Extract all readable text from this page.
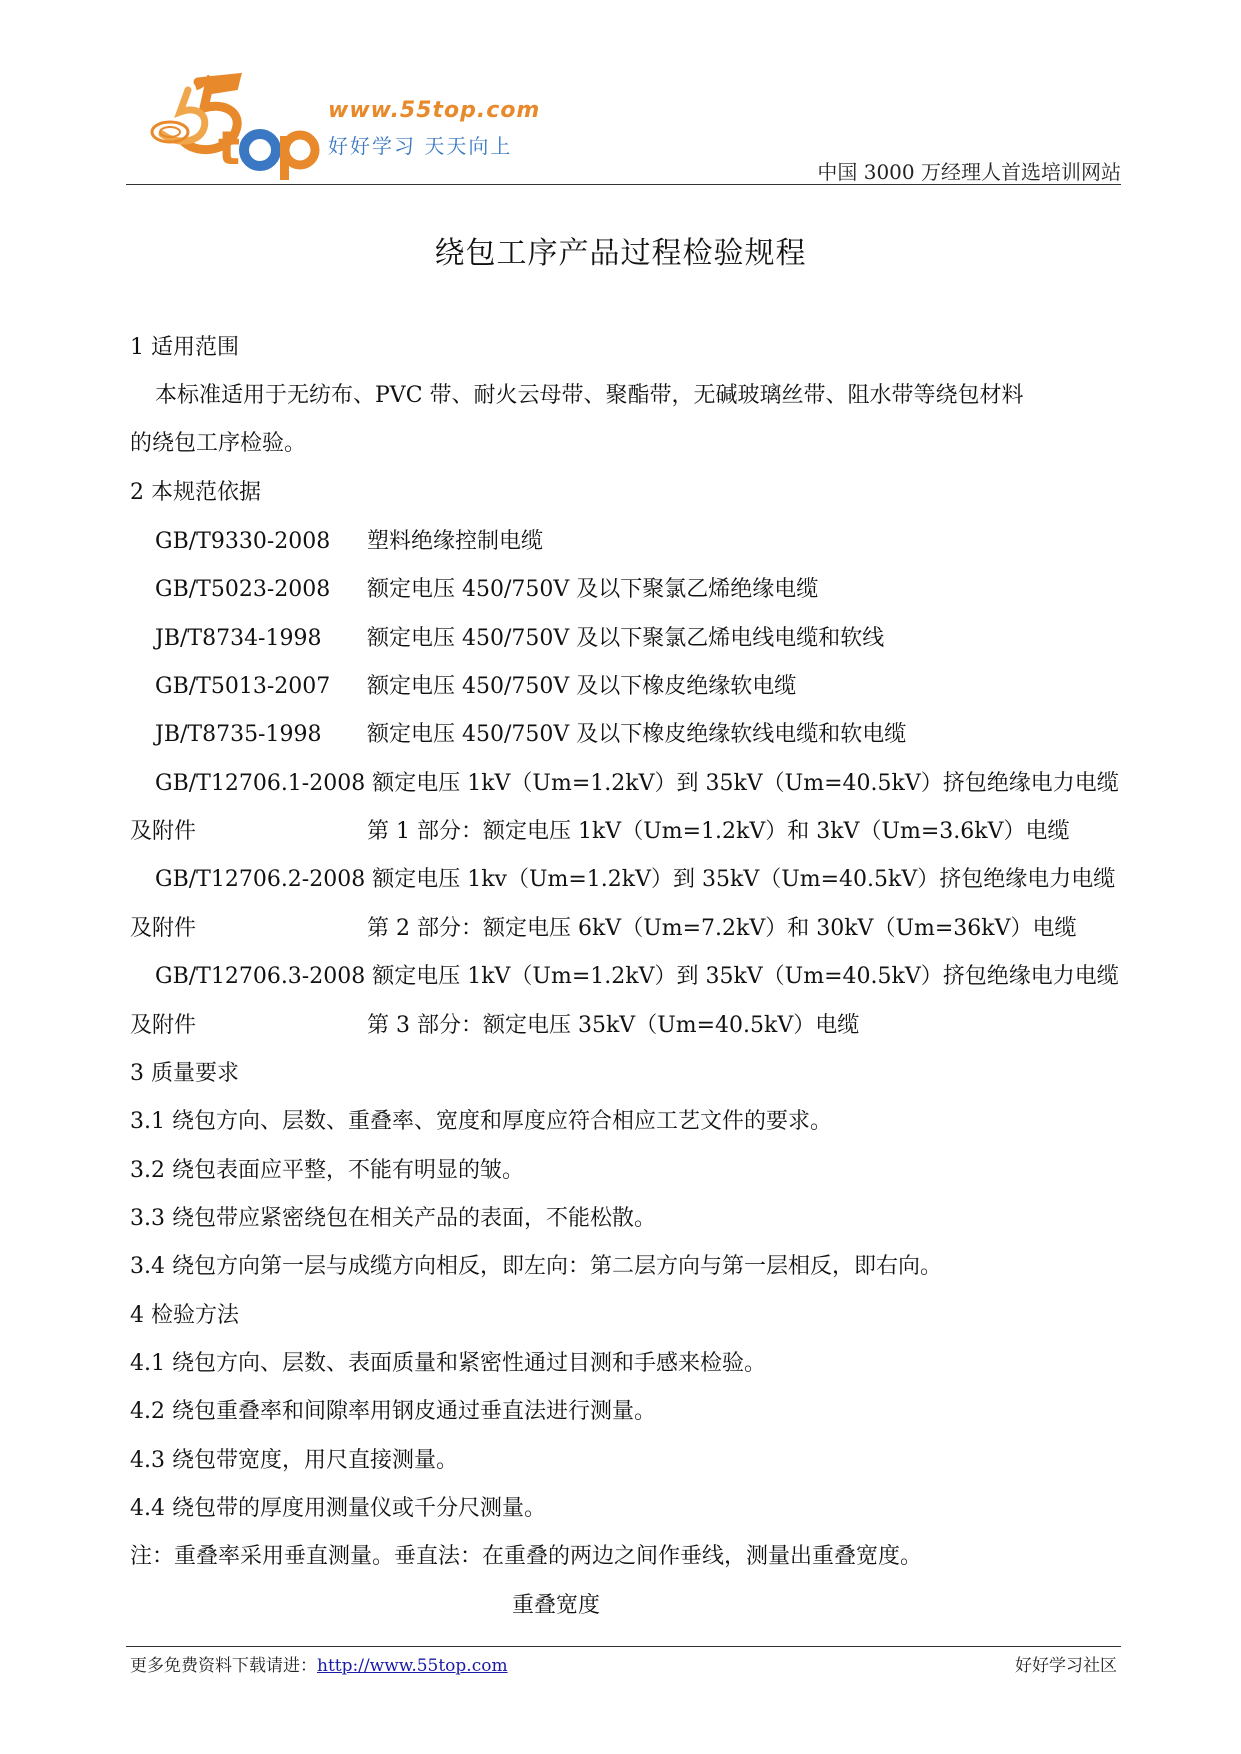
t
www.55top.com
好好学习 天天向上
中国 3000 万经理人首选培训网站
绕包工序产品过程检验规程
1 适用范围
本标准适用于无纺布、PVC 带、耐火云母带、聚酯带，无碱玻璃丝带、阻水带等绕包材料
的绕包工序检验。
2 本规范依据
GB/T9330-2008 塑料绝缘控制电缆
GB/T5023-2008 额定电压 450/750V 及以下聚氯乙烯绝缘电缆
JB/T8734-1998 额定电压 450/750V 及以下聚氯乙烯电线电缆和软线
GB/T5013-2007 额定电压 450/750V 及以下橡皮绝缘软电缆
JB/T8735-1998 额定电压 450/750V 及以下橡皮绝缘软线电缆和软电缆
GB/T12706.1-2008 额定电压 1kV（Um=1.2kV）到 35kV（Um=40.5kV）挤包绝缘电力电缆
及附件	第 1 部分：额定电压 1kV（Um=1.2kV）和 3kV（Um=3.6kV）电缆
GB/T12706.2-2008 额定电压 1kv（Um=1.2kV）到 35kV（Um=40.5kV）挤包绝缘电力电缆
及附件	第 2 部分：额定电压 6kV（Um=7.2kV）和 30kV（Um=36kV）电缆
GB/T12706.3-2008 额定电压 1kV（Um=1.2kV）到 35kV（Um=40.5kV）挤包绝缘电力电缆
及附件	第 3 部分：额定电压 35kV（Um=40.5kV）电缆
3 质量要求
3.1 绕包方向、层数、重叠率、宽度和厚度应符合相应工艺文件的要求。
3.2 绕包表面应平整，不能有明显的皱。
3.3 绕包带应紧密绕包在相关产品的表面，不能松散。
3.4 绕包方向第一层与成缆方向相反，即左向：第二层方向与第一层相反，即右向。
4 检验方法
4.1 绕包方向、层数、表面质量和紧密性通过目测和手感来检验。
4.2 绕包重叠率和间隙率用钢皮通过垂直法进行测量。
4.3 绕包带宽度，用尺直接测量。
4.4 绕包带的厚度用测量仪或千分尺测量。
注：重叠率采用垂直测量。垂直法：在重叠的两边之间作垂线，测量出重叠宽度。
重叠宽度
更多免费资料下载请进：http://www.55top.com	好好学习社区
